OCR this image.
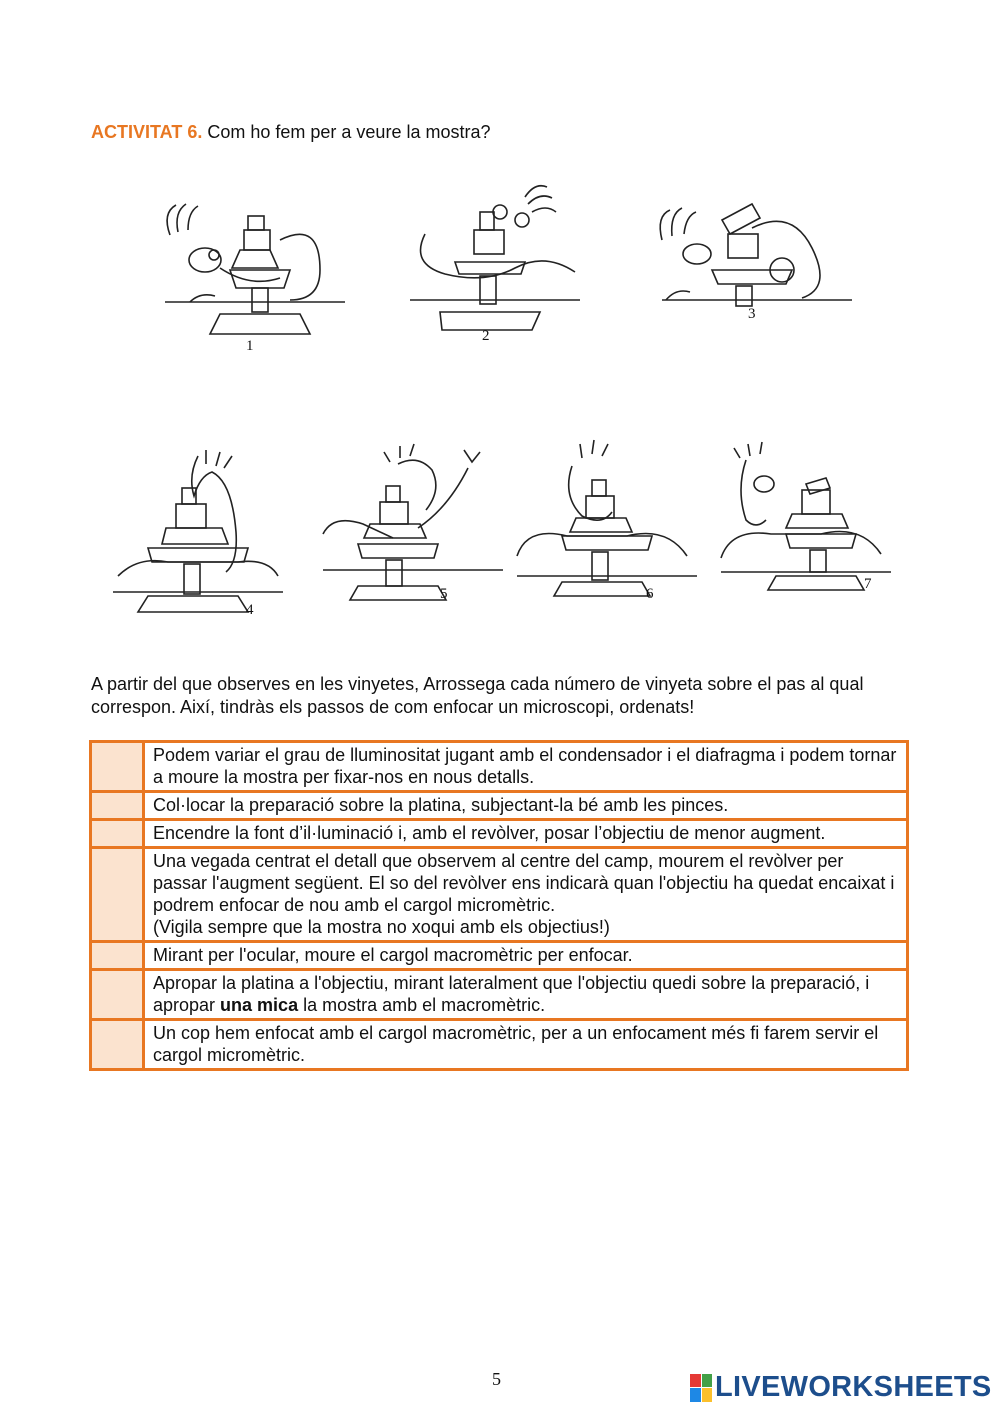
ACTIVITAT 6. Com ho fem per a veure la mostra?
1
2
3
4
5	6
7
A partir del que observes en les vinyetes, Arrossega cada número de vinyeta sobre el pas al qual correspon. Així, tindràs els passos de com enfocar un microscopi, ordenats!
	Podem variar el grau de lluminositat jugant amb el condensador i el diafragma i podem tornar a moure la mostra per fixar-nos en nous detalls.
	Col·locar la preparació sobre la platina, subjectant-la bé amb les pinces.
	Encendre la font d’il·luminació i, amb el revòlver, posar l’objectiu de menor augment.
	Una vegada centrat el detall que observem al centre del camp, mourem el revòlver per passar l'augment següent. El so del revòlver ens indicarà quan l'objectiu ha quedat encaixat i podrem enfocar de nou amb el cargol micromètric.
(Vigila sempre que la mostra no xoqui amb els objectius!)
	Mirant per l'ocular, moure el cargol macromètric per enfocar.
	Apropar la platina a l'objectiu, mirant lateralment que l'objectiu quedi sobre la preparació, i apropar una mica la mostra amb el macromètric.
	Un cop hem enfocat amb el cargol macromètric, per a un enfocament més fi farem servir el cargol micromètric.
5	LIVEWORKSHEETS
